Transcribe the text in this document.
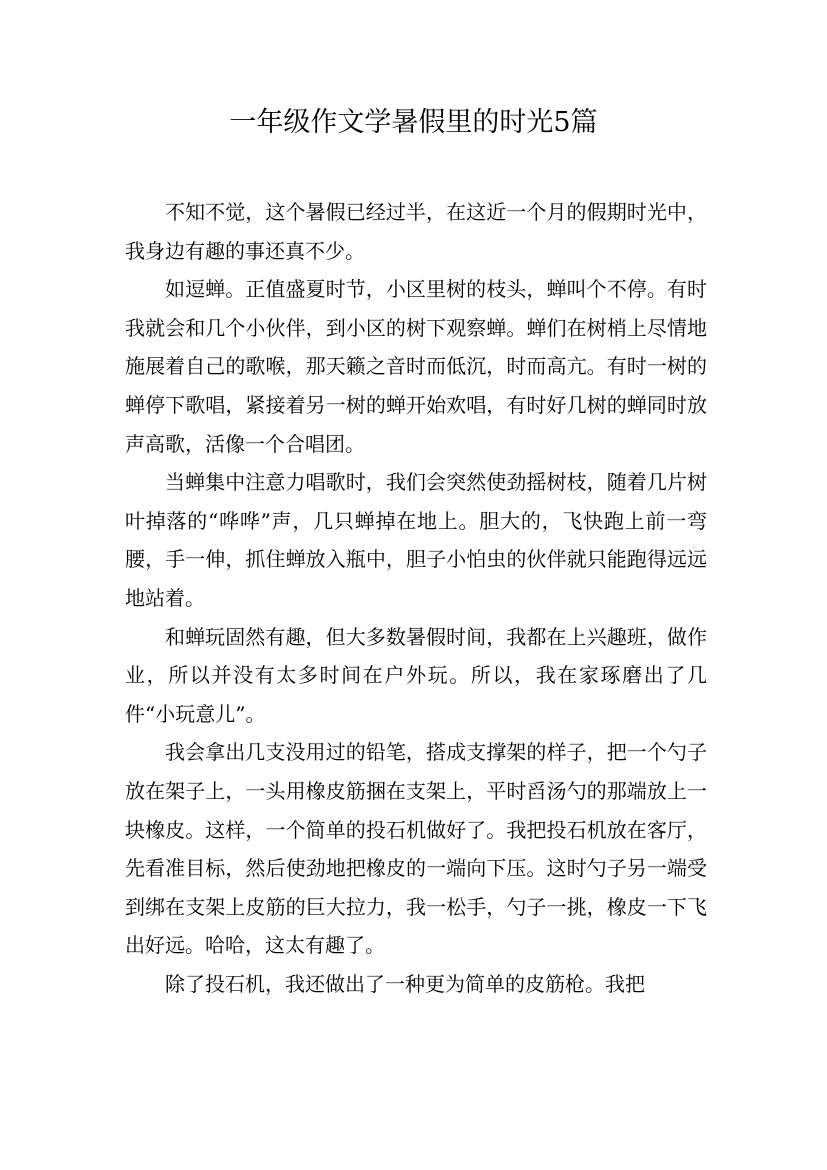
一年级作文学暑假里的时光5篇

不知不觉，这个暑假已经过半，在这近一个月的假期时光中，我身边有趣的事还真不少。

如逗蝉。正值盛夏时节，小区里树的枝头，蝉叫个不停。有时我就会和几个小伙伴，到小区的树下观察蝉。蝉们在树梢上尽情地施展着自己的歌喉，那天籁之音时而低沉，时而高亢。有时一树的蝉停下歌唱，紧接着另一树的蝉开始欢唱，有时好几树的蝉同时放声高歌，活像一个合唱团。

当蝉集中注意力唱歌时，我们会突然使劲摇树枝，随着几片树叶掉落的“哗哗”声，几只蝉掉在地上。胆大的，飞快跑上前一弯腰，手一伸，抓住蝉放入瓶中，胆子小怕虫的伙伴就只能跑得远远地站着。

和蝉玩固然有趣，但大多数暑假时间，我都在上兴趣班，做作业，所以并没有太多时间在户外玩。所以，我在家琢磨出了几件“小玩意儿”。

我会拿出几支没用过的铅笔，搭成支撑架的样子，把一个勺子放在架子上，一头用橡皮筋捆在支架上，平时舀汤勺的那端放上一块橡皮。这样，一个简单的投石机做好了。我把投石机放在客厅，先看准目标，然后使劲地把橡皮的一端向下压。这时勺子另一端受到绑在支架上皮筋的巨大拉力，我一松手，勺子一挑，橡皮一下飞出好远。哈哈，这太有趣了。

除了投石机，我还做出了一种更为简单的皮筋枪。我把
